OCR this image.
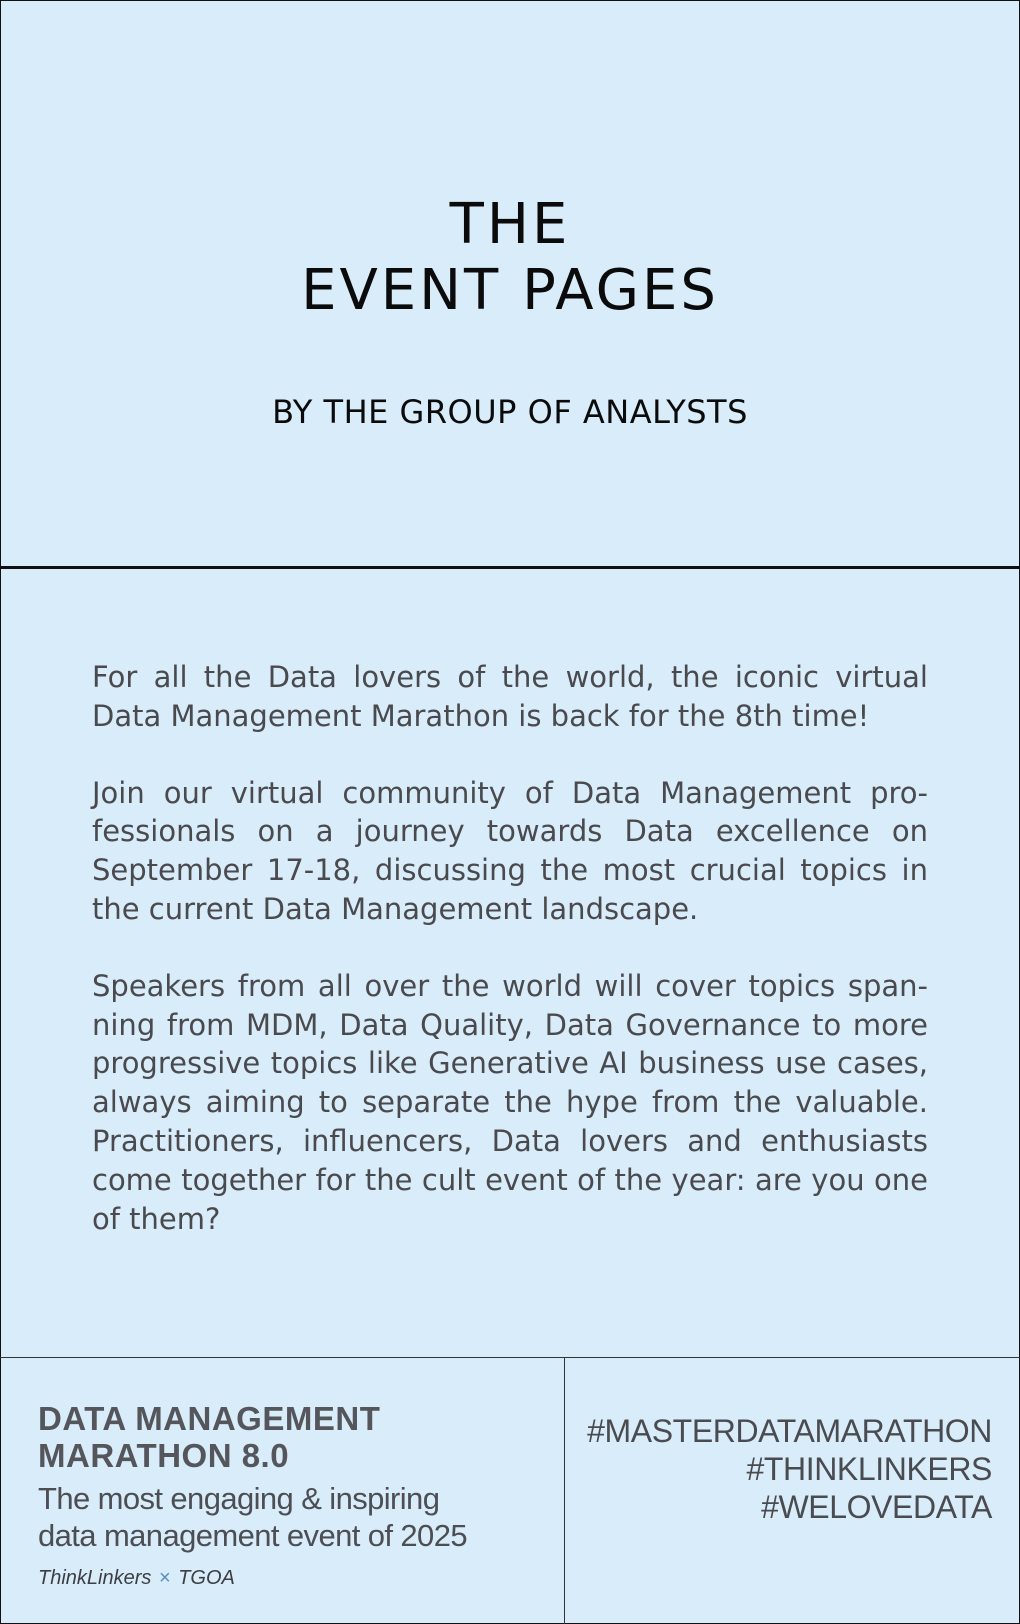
THE
EVENT PAGES
BY THE GROUP OF ANALYSTS

For all the Data lovers of the world, the iconic virtual Data Management Marathon is back for the 8th time!

Join our virtual community of Data Management professionals on a journey towards Data excellence on September 17-18, discussing the most crucial topics in the current Data Management landscape.

Speakers from all over the world will cover topics spanning from MDM, Data Quality, Data Governance to more progressive topics like Generative AI business use cases, always aiming to separate the hype from the valuable. Practitioners, influencers, Data lovers and enthusiasts come together for the cult event of the year: are you one of them?

DATA MANAGEMENT
MARATHON 8.0
The most engaging & inspiring
data management event of 2025
ThinkLinkers × TGOA
#MASTERDATAMARATHON
#THINKLINKERS
#WELOVEDATA
